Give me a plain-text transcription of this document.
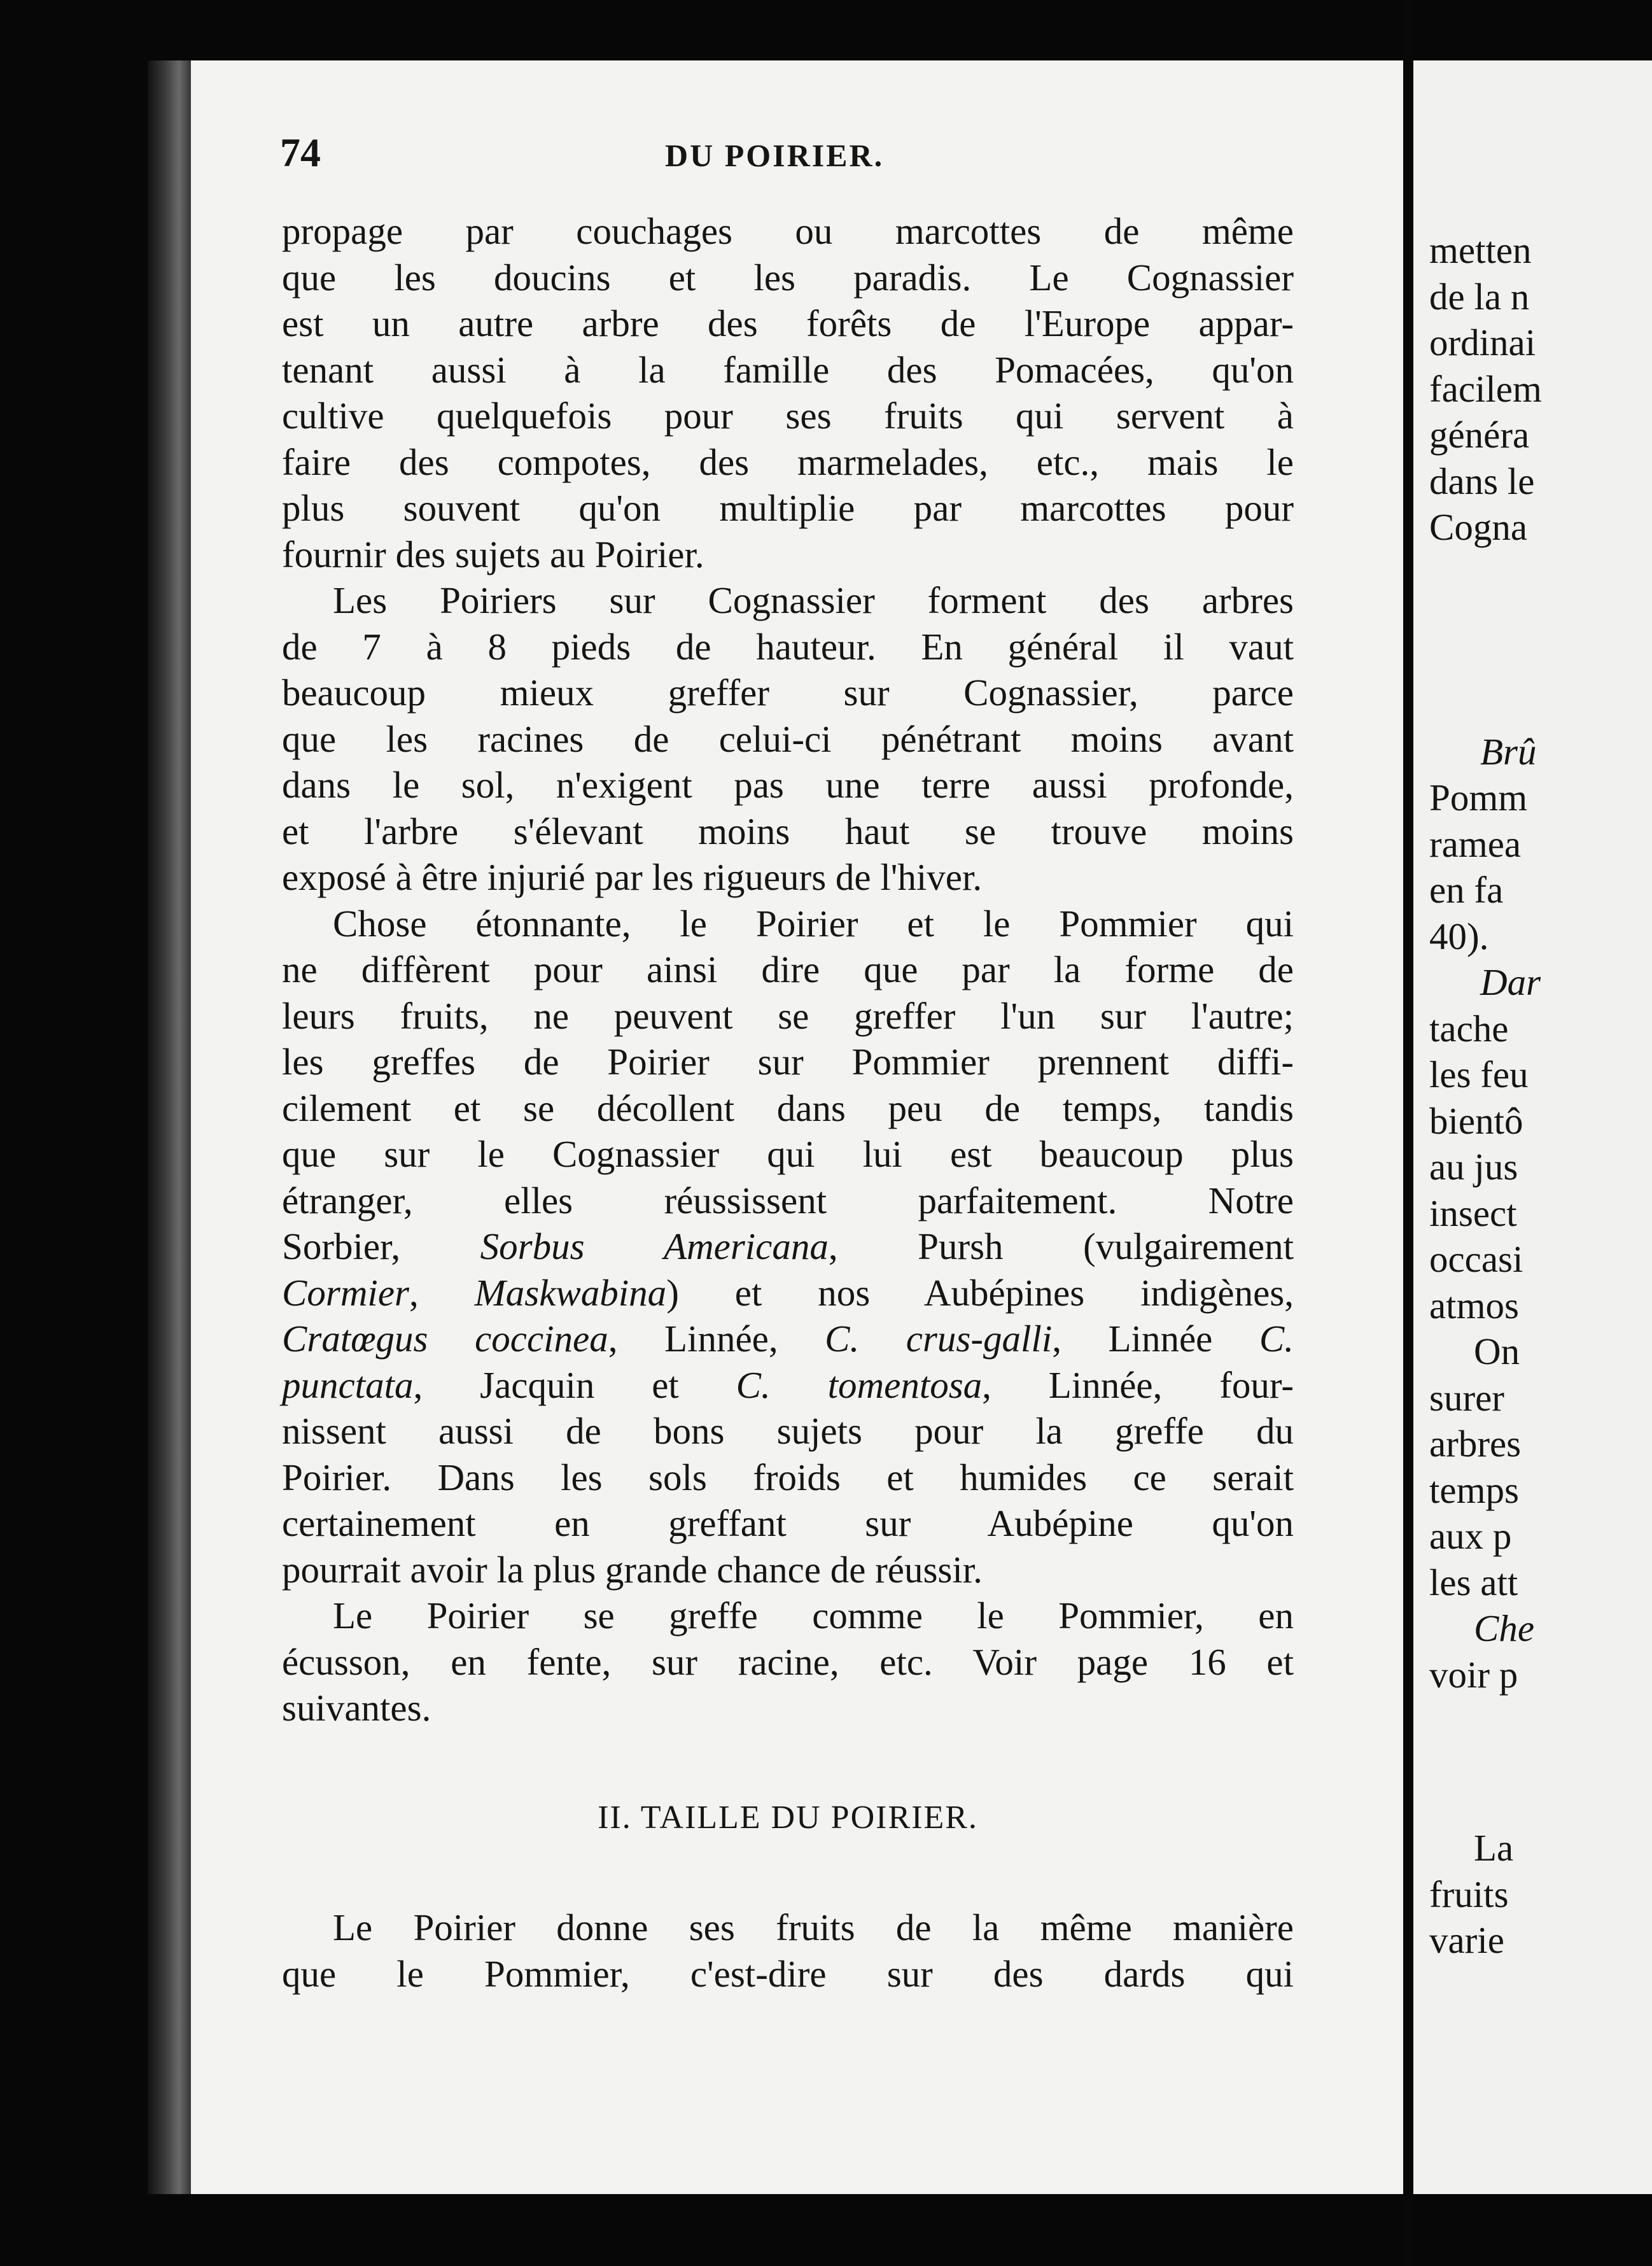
74	DU POIRIER.
propage par couchages ou marcottes de même
que les doucins et les paradis. Le Cognassier
est un autre arbre des forêts de l'Europe appar-
tenant aussi à la famille des Pomacées, qu'on
cultive quelquefois pour ses fruits qui servent à
faire des compotes, des marmelades, etc., mais le
plus souvent qu'on multiplie par marcottes pour
fournir des sujets au Poirier.
Les Poiriers sur Cognassier forment des arbres
de 7 à 8 pieds de hauteur. En général il vaut
beaucoup mieux greffer sur Cognassier, parce
que les racines de celui-ci pénétrant moins avant
dans le sol, n'exigent pas une terre aussi profonde,
et l'arbre s'élevant moins haut se trouve moins
exposé à être injurié par les rigueurs de l'hiver.
Chose étonnante, le Poirier et le Pommier qui
ne diffèrent pour ainsi dire que par la forme de
leurs fruits, ne peuvent se greffer l'un sur l'autre;
les greffes de Poirier sur Pommier prennent diffi-
cilement et se décollent dans peu de temps, tandis
que sur le Cognassier qui lui est beaucoup plus
étranger, elles réussissent parfaitement. Notre
Sorbier, Sorbus Americana, Pursh (vulgairement
Cormier, Maskwabina) et nos Aubépines indigènes,
Cratœgus coccinea, Linnée, C. crus-galli, Linnée C.
punctata, Jacquin et C. tomentosa, Linnée, four-
nissent aussi de bons sujets pour la greffe du
Poirier. Dans les sols froids et humides ce serait
certainement en greffant sur Aubépine qu'on
pourrait avoir la plus grande chance de réussir.
Le Poirier se greffe comme le Pommier, en
écusson, en fente, sur racine, etc. Voir page 16 et
suivantes.
II. TAILLE DU POIRIER.
Le Poirier donne ses fruits de la même manière
que le Pommier, c'est-dire sur des dards qui
metten
de la n
ordinai
facilem
généra
dans le
Cogna
Brû
Pomm
ramea
en fa
40).
Dar
tache
les feu
bientô
au jus
insect
occasi
atmos
On
surer
arbres
temps
aux p
les att
Che
voir p
La
fruits
varie
